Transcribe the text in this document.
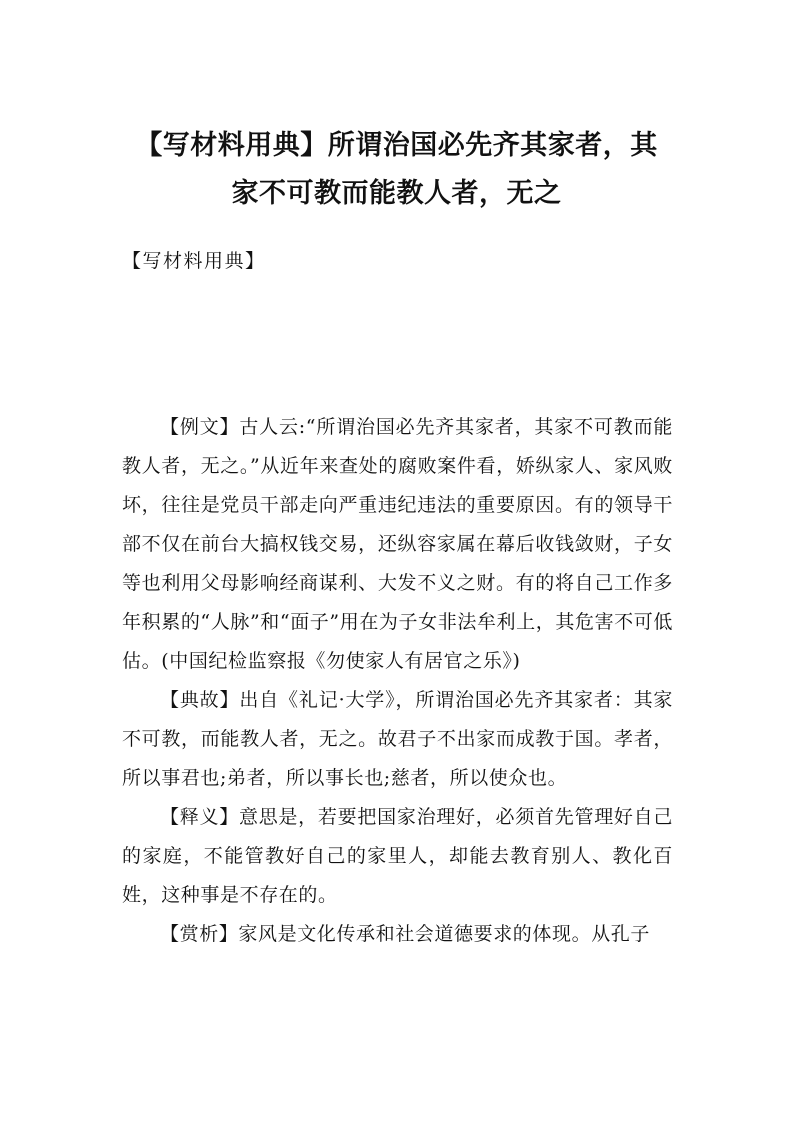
【写材料用典】所谓治国必先齐其家者，其
家不可教而能教人者，无之

【写材料用典】

【例文】古人云:“所谓治国必先齐其家者，其家不可教而能教人者，无之。”从近年来查处的腐败案件看，娇纵家人、家风败坏，往往是党员干部走向严重违纪违法的重要原因。有的领导干部不仅在前台大搞权钱交易，还纵容家属在幕后收钱敛财，子女等也利用父母影响经商谋利、大发不义之财。有的将自己工作多年积累的“人脉”和“面子”用在为子女非法牟利上，其危害不可低估。(中国纪检监察报《勿使家人有居官之乐》)

【典故】出自《礼记·大学》，所谓治国必先齐其家者：其家不可教，而能教人者，无之。故君子不出家而成教于国。孝者，所以事君也;弟者，所以事长也;慈者，所以使众也。

【释义】意思是，若要把国家治理好，必须首先管理好自己的家庭，不能管教好自己的家里人，却能去教育别人、教化百姓，这种事是不存在的。

【赏析】家风是文化传承和社会道德要求的体现。从孔子
